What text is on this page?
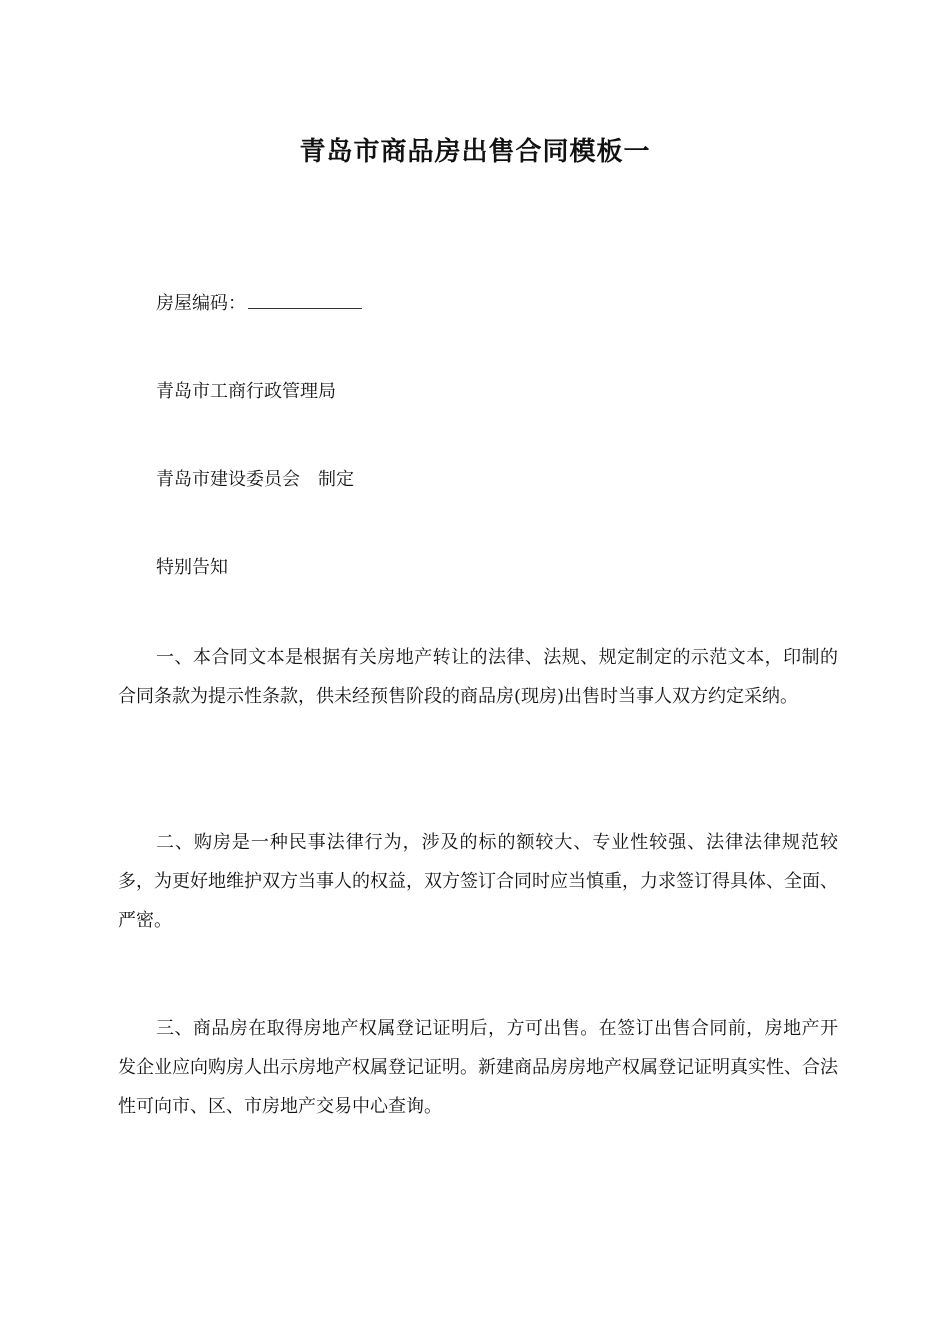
青岛市商品房出售合同模板一
房屋编码：
青岛市工商行政管理局
青岛市建设委员会　制定
特别告知
一、本合同文本是根据有关房地产转让的法律、法规、规定制定的示范文本，印制的合同条款为提示性条款，供未经预售阶段的商品房(现房)出售时当事人双方约定采纳。
二、购房是一种民事法律行为，涉及的标的额较大、专业性较强、法律法律规范较多，为更好地维护双方当事人的权益，双方签订合同时应当慎重，力求签订得具体、全面、严密。
三、商品房在取得房地产权属登记证明后，方可出售。在签订出售合同前，房地产开发企业应向购房人出示房地产权属登记证明。新建商品房房地产权属登记证明真实性、合法性可向市、区、市房地产交易中心查询。
